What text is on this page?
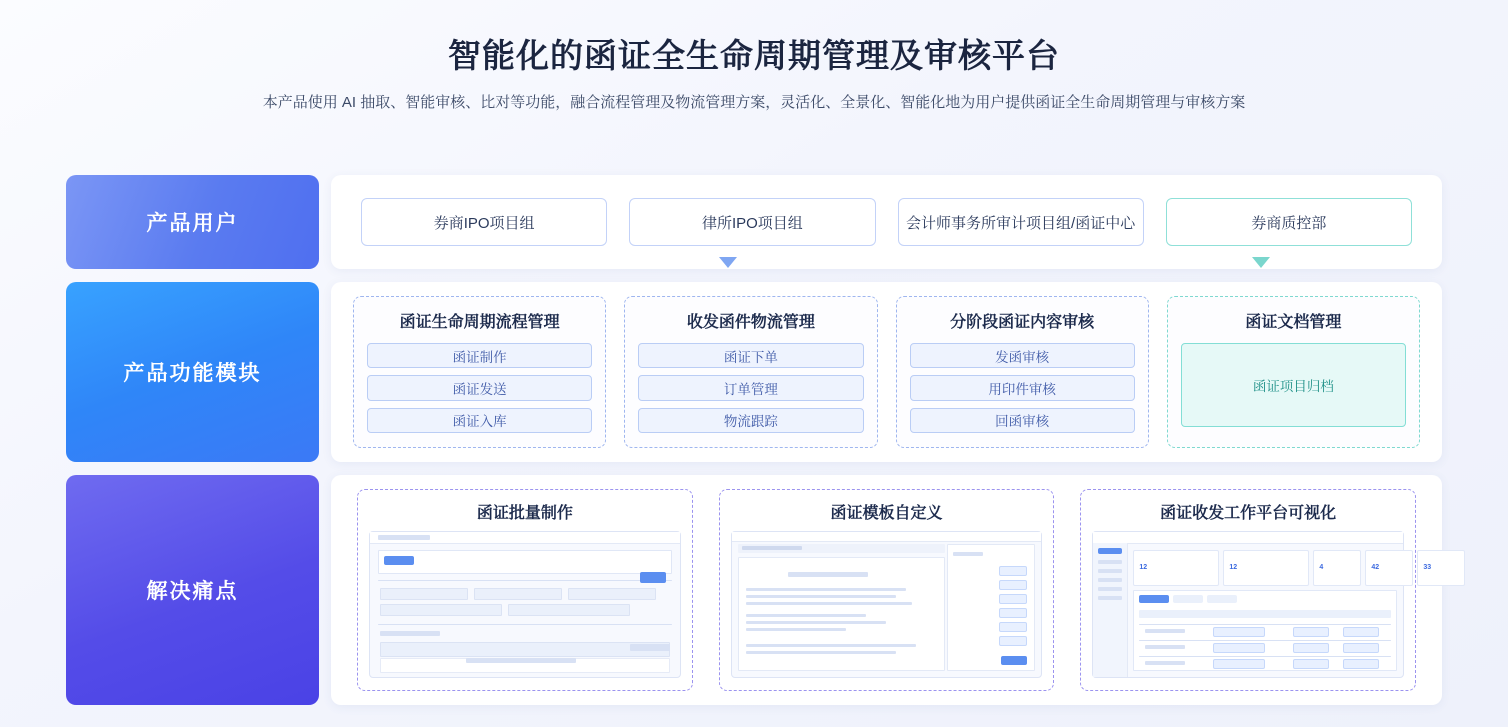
智能化的函证全生命周期管理及审核平台
本产品使用 AI 抽取、智能审核、比对等功能，融合流程管理及物流管理方案，灵活化、全景化、智能化地为用户提供函证全生命周期管理与审核方案
产品用户	券商IPO项目组	律所IPO项目组	会计师事务所审计项目组/函证中心	券商质控部
产品功能模块
函证生命周期流程管理
函证制作
函证发送
函证入库
收发函件物流管理
函证下单
订单管理
物流跟踪
分阶段函证内容审核
发函审核
用印件审核
回函审核
函证文档管理
函证项目归档
解决痛点
函证批量制作	函证模板自定义	函证收发工作平台可视化
12	12	4	42	33
